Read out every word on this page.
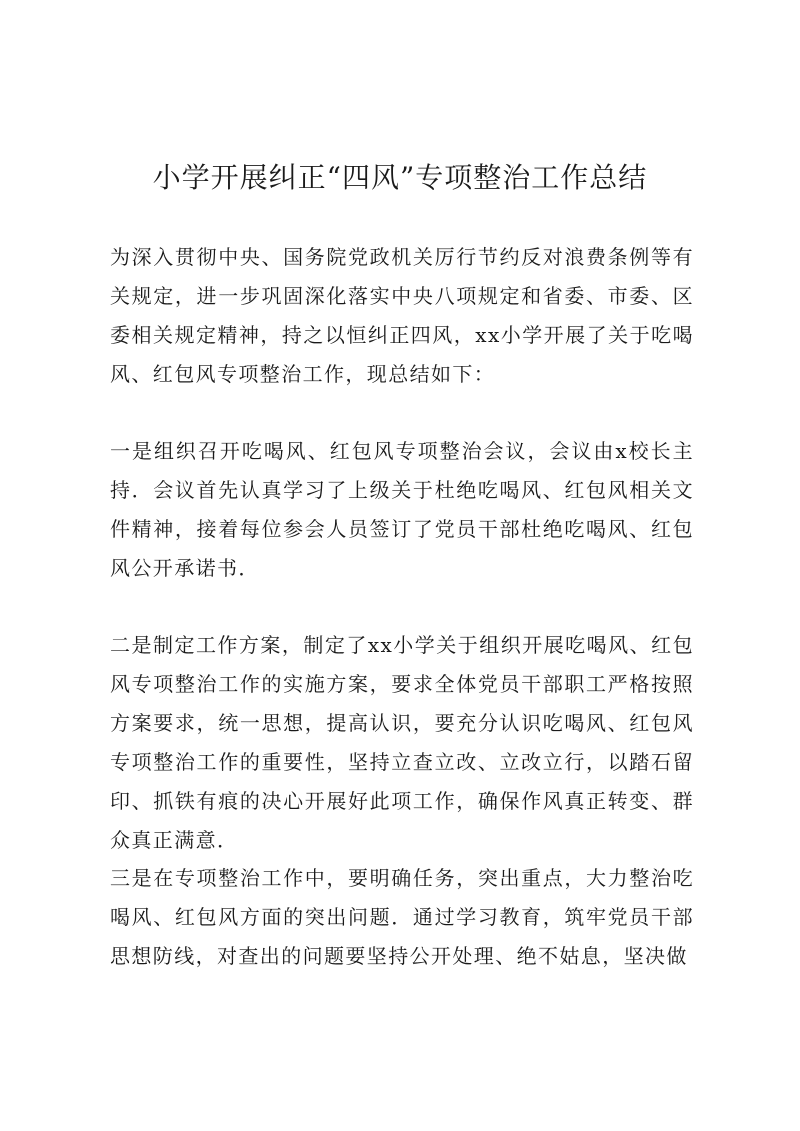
小学开展纠正“四风”专项整治工作总结

为深入贯彻中央、国务院党政机关厉行节约反对浪费条例等有关规定，进一步巩固深化落实中央八项规定和省委、市委、区委相关规定精神，持之以恒纠正四风，xx小学开展了关于吃喝风、红包风专项整治工作，现总结如下：

一是组织召开吃喝风、红包风专项整治会议，会议由x校长主持．会议首先认真学习了上级关于杜绝吃喝风、红包风相关文件精神，接着每位参会人员签订了党员干部杜绝吃喝风、红包风公开承诺书．

二是制定工作方案，制定了xx小学关于组织开展吃喝风、红包风专项整治工作的实施方案，要求全体党员干部职工严格按照方案要求，统一思想，提高认识，要充分认识吃喝风、红包风专项整治工作的重要性，坚持立查立改、立改立行，以踏石留印、抓铁有痕的决心开展好此项工作，确保作风真正转变、群众真正满意．

三是在专项整治工作中，要明确任务，突出重点，大力整治吃喝风、红包风方面的突出问题．通过学习教育，筑牢党员干部思想防线，对查出的问题要坚持公开处理、绝不姑息，坚决做
